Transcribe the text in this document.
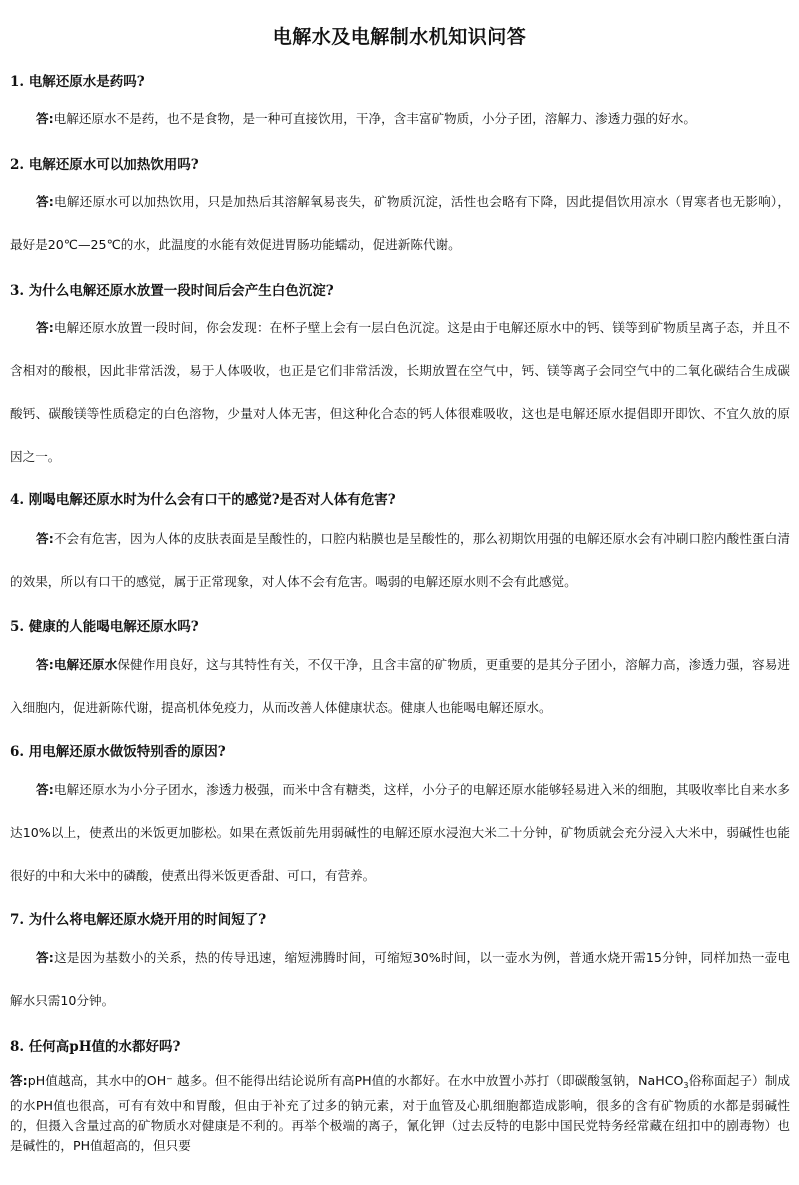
电解水及电解制水机知识问答
1. 电解还原水是药吗?

答:电解还原水不是药，也不是食物，是一种可直接饮用，干净，含丰富矿物质，小分子团，溶解力、渗透力强的好水。

2. 电解还原水可以加热饮用吗?

答:电解还原水可以加热饮用，只是加热后其溶解氧易丧失，矿物质沉淀，活性也会略有下降，因此提倡饮用凉水（胃寒者也无影响），最好是20℃—25℃的水，此温度的水能有效促进胃肠功能蠕动，促进新陈代谢。

3. 为什么电解还原水放置一段时间后会产生白色沉淀?

答:电解还原水放置一段时间，你会发现：在杯子壁上会有一层白色沉淀。这是由于电解还原水中的钙、镁等到矿物质呈离子态，并且不含相对的酸根，因此非常活泼，易于人体吸收，也正是它们非常活泼，长期放置在空气中，钙、镁等离子会同空气中的二氧化碳结合生成碳酸钙、碳酸镁等性质稳定的白色溶物，少量对人体无害，但这种化合态的钙人体很难吸收，这也是电解还原水提倡即开即饮、不宜久放的原因之一。

4. 刚喝电解还原水时为什么会有口干的感觉?是否对人体有危害?

答:不会有危害，因为人体的皮肤表面是呈酸性的，口腔内粘膜也是呈酸性的，那么初期饮用强的电解还原水会有冲刷口腔内酸性蛋白清的效果，所以有口干的感觉，属于正常现象，对人体不会有危害。喝弱的电解还原水则不会有此感觉。

5. 健康的人能喝电解还原水吗?

答:电解还原水保健作用良好，这与其特性有关，不仅干净，且含丰富的矿物质，更重要的是其分子团小，溶解力高，渗透力强，容易进入细胞内，促进新陈代谢，提高机体免疫力，从而改善人体健康状态。健康人也能喝电解还原水。

6. 用电解还原水做饭特别香的原因?

答:电解还原水为小分子团水，渗透力极强，而米中含有糖类，这样，小分子的电解还原水能够轻易进入米的细胞，其吸收率比自来水多达10%以上，使煮出的米饭更加膨松。如果在煮饭前先用弱碱性的电解还原水浸泡大米二十分钟，矿物质就会充分浸入大米中，弱碱性也能很好的中和大米中的磷酸，使煮出得米饭更香甜、可口，有营养。

7. 为什么将电解还原水烧开用的时间短了?

答:这是因为基数小的关系，热的传导迅速，缩短沸腾时间，可缩短30%时间，以一壶水为例，普通水烧开需15分钟，同样加热一壶电解水只需10分钟。

8. 任何高pH值的水都好吗?

答:pH值越高，其水中的OH⁻ 越多。但不能得出结论说所有高PH值的水都好。在水中放置小苏打（即碳酸氢钠，NaHCO$_3$俗称面起子）制成的水PH值也很高，可有有效中和胃酸，但由于补充了过多的钠元素，对于血管及心肌细胞都造成影响，很多的含有矿物质的水都是弱碱性的，但摄入含量过高的矿物质水对健康是不利的。再举个极端的离子，氰化钾（过去反特的电影中国民党特务经常藏在纽扣中的剧毒物）也是碱性的，PH值超高的，但只要
